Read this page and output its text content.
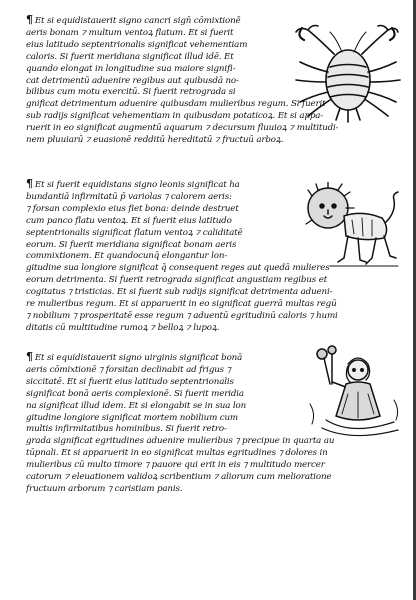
¶ Et si equidistauerit signo cancri sign̄ cōmixtionē̄
aeris bonam ⁊ multum ventoꝝ flatum. Et si fuerit
eius latitudo septentrionalis significat vehementiam
caloris. Si fuerit meridiana significat illud idē. Et
quando elongat̄ in longitudine sua maiore signifi-
cat detrimentū aduenire regibus aut quibusdā no-
bilibus cum motu exercitū. Si fuerit retrograda si
gnificat detrimentum aduenire quibusdam mulieribus regum. Si fuerit
sub radijs significat vehementiam in quibusdam potaticoꝝ. Et si appa-
ruerit in eo significat augmentū aquarum ⁊ decursum fluuioꝝ ⁊ multitudi-
nem pluuiarū ⁊ euasionē redditū hereditatū ⁊ fructuū arboꝝ.
¶ Et si fuerit equidistans signo leonis significat ha
bundantiā infirmitatū p̄ variolas ⁊ calorem aeris:
⁊ forsan complexio eius fiet bona: deinde destruet
cum panco flatu ventoꝝ. Et si fuerit eius latitudo
septentrionalis significat flatum ventoꝝ ⁊ caliditatē
eorum. Si fuerit meridiana significat bonam aeris
commixtionem. Et quandocunq̄ elongantur lon-
gitudine sua longiore significat q̄ consequent reges aut quedā mulieres
eorum detrimenta. Si fuerit retrograda significat angustiam regibus et
cogitatus ⁊ tristicias. Et si fuerit sub radijs significat detrimenta adueni-
re mulieribus regum. Et si apparuerit in eo significat guerrā multas regū
⁊ nobilium ⁊ prosperitatē esse regum ⁊ aduentū egritudinū caloris ⁊ humi
ditatis cū multitudine rumoꝝ ⁊ belloꝝ ⁊ lupoꝝ.
¶ Et si equidistauerit signo uirginis significat bonā
aeris cōmixtionē ⁊ forsitan declinabit ad frigus ⁊
siccitatē. Et si fuerit eius latitudo septentrionalis
significat bonā aeris complexionē. Si fuerit meridia
na significat illud idem. Et si elongabit se in sua lon
gitudine longiore significat mortem nobilium cum
multis infirmitatibus hominibus. Si fuerit retro-
grada significat egritudines aduenire mulieribus ⁊ precipue in quarta au
tūpnali. Et si apparuerit in eo significat multas egritudines ⁊ dolores in
mulieribus cū multo timore ⁊ pauore qui erit in eis ⁊ multitudo mercer
catorum ⁊ eleuationem validoꝝ scribentium ⁊ aliorum cum melioratione
fructuum arborum ⁊ caristiam panis.
